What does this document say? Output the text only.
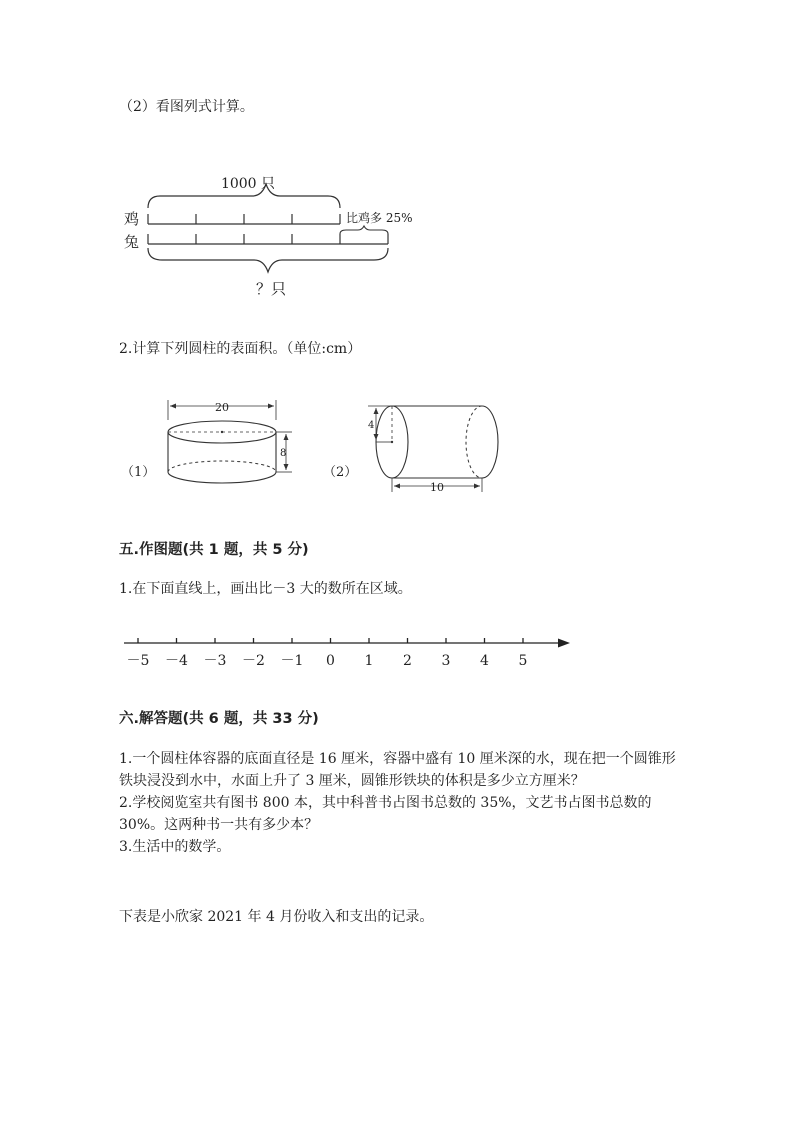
（2）看图列式计算。
1000 只
鸡	比鸡多 25%
兔
？只
2.计算下列圆柱的表面积。（单位:cm）
（1）
20
8
（2）
4
10
五.作图题(共 1 题，共 5 分)
1.在下面直线上，画出比－3 大的数所在区域。
－5 －4 －3 －2 －1 0 1 2 3 4 5
六.解答题(共 6 题，共 33 分)

1.一个圆柱体容器的底面直径是 16 厘米，容器中盛有 10 厘米深的水，现在把一个圆锥形铁块浸没到水中，水面上升了 3 厘米，圆锥形铁块的体积是多少立方厘米？

2.学校阅览室共有图书 800 本，其中科普书占图书总数的 35%，文艺书占图书总数的 30%。这两种书一共有多少本？

3.生活中的数学。

下表是小欣家 2021 年 4 月份收入和支出的记录。
